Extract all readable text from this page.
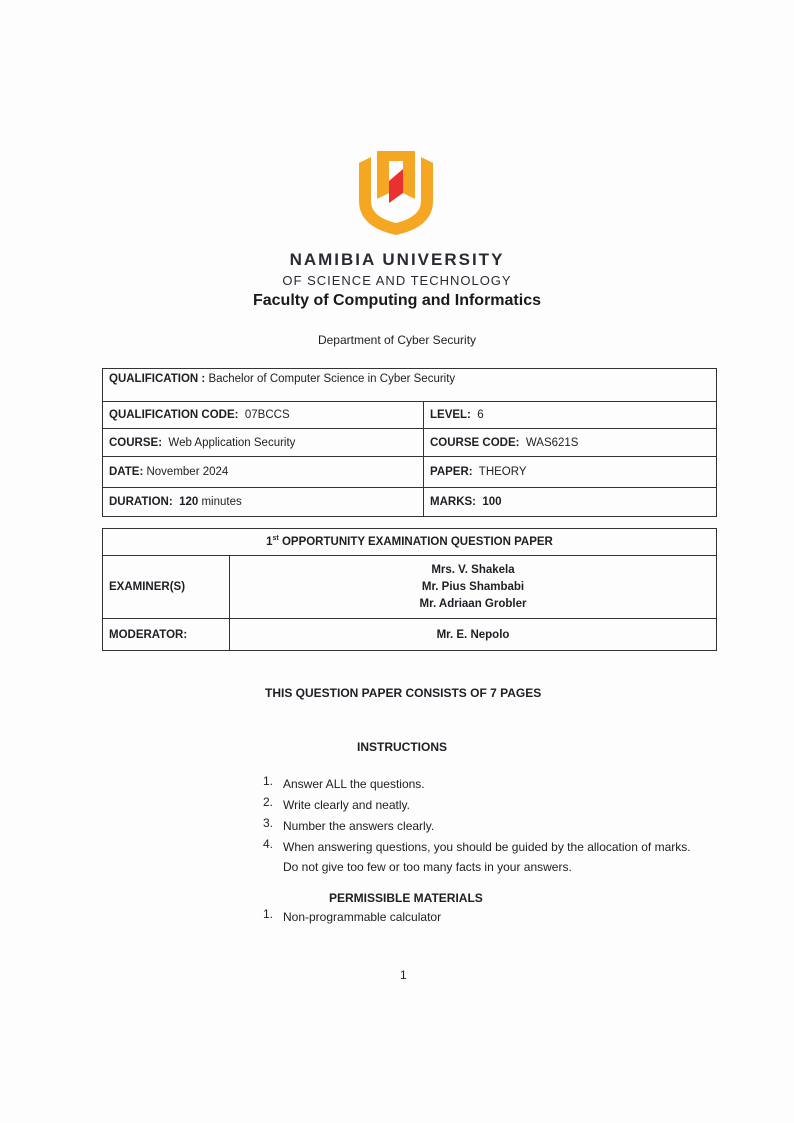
NAMIBIA UNIVERSITY
OF SCIENCE AND TECHNOLOGY
Faculty of Computing and Informatics
Department of Cyber Security
QUALIFICATION : Bachelor of Computer Science in Cyber Security	
QUALIFICATION CODE: 07BCCS	LEVEL: 6
COURSE: Web Application Security	COURSE CODE: WAS621S
DATE: November 2024	PAPER: THEORY
DURATION: 120 minutes	MARKS: 100
1st OPPORTUNITY EXAMINATION QUESTION PAPER	
EXAMINER(S)	Mrs. V. Shakela
Mr. Pius Shambabi
Mr. Adriaan Grobler

MODERATOR:	Mr. E. Nepolo
THIS QUESTION PAPER CONSISTS OF 7 PAGES
INSTRUCTIONS
1. Answer ALL the questions.
2. Write clearly and neatly.
3. Number the answers clearly.
4. When answering questions, you should be guided by the allocation of marks. Do not give too few or too many facts in your answers.
PERMISSIBLE MATERIALS
1. Non-programmable calculator
1
